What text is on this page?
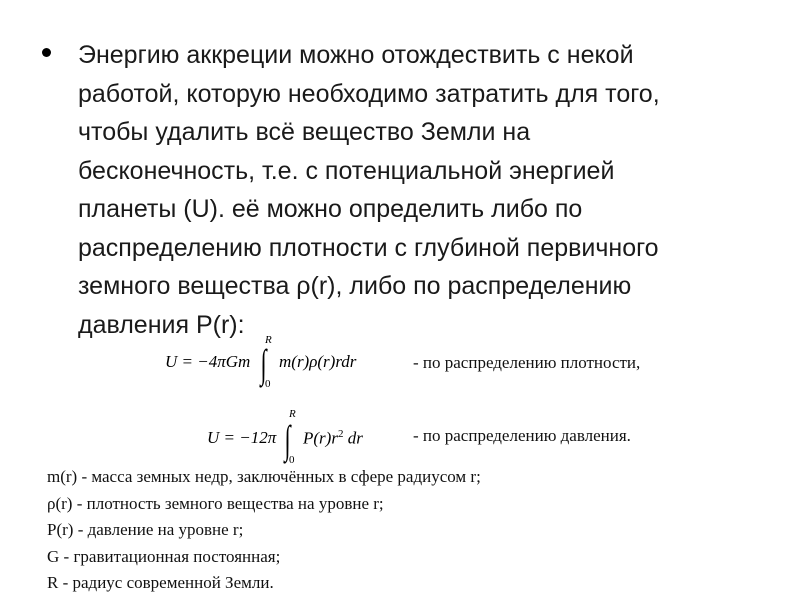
Энергию аккреции можно отождествить с некой
работой, которую необходимо затратить для того,
чтобы удалить всё вещество Земли на
бесконечность, т.е. с потенциальной энергией
планеты (U). её можно определить либо по
распределению плотности с глубиной первичного
земного вещества ρ(r), либо по распределению
давления P(r):
U = −4πGm
R
∫
0
m(r)ρ(r)rdr	- по распределению плотности,
U = −12π
R
∫
0
$P(r)r^2$ dr	- по распределению давления.
m(r) - масса земных недр, заключённых в сфере радиусом r;
ρ(r) - плотность земного вещества на уровне r;
P(r) - давление на уровне r;
G - гравитационная постоянная;
R - радиус современной Земли.
